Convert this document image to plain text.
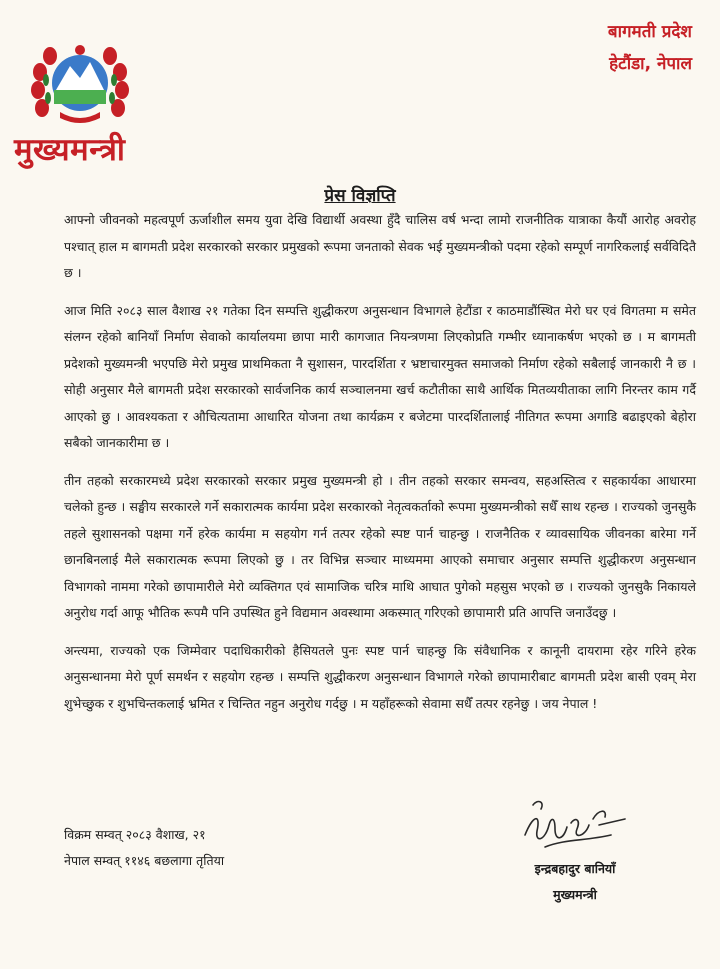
मुख्यमन्त्री
बागमती प्रदेश
हेटौंडा, नेपाल
प्रेस विज्ञप्ति

आफ्नो जीवनको महत्वपूर्ण ऊर्जाशील समय युवा देखि विद्यार्थी अवस्था हुँदै चालिस वर्ष भन्दा लामो राजनीतिक यात्राका कैयौं आरोह अवरोह पश्चात् हाल म बागमती प्रदेश सरकारको सरकार प्रमुखको रूपमा जनताको सेवक भई मुख्यमन्त्रीको पदमा रहेको सम्पूर्ण नागरिकलाई सर्वविदितै छ ।

आज मिति २०८३ साल वैशाख २१ गतेका दिन सम्पत्ति शुद्धीकरण अनुसन्धान विभागले हेटौंडा र काठमाडौंस्थित मेरो घर एवं विगतमा म समेत संलग्न रहेको बानियाँ निर्माण सेवाको कार्यालयमा छापा मारी कागजात नियन्त्रणमा लिएकोप्रति गम्भीर ध्यानाकर्षण भएको छ । म बागमती प्रदेशको मुख्यमन्त्री भएपछि मेरो प्रमुख प्राथमिकता नै सुशासन, पारदर्शिता र भ्रष्टाचारमुक्त समाजको निर्माण रहेको सबैलाई जानकारी नै छ । सोही अनुसार मैले बागमती प्रदेश सरकारको सार्वजनिक कार्य सञ्चालनमा खर्च कटौतीका साथै आर्थिक मितव्ययीताका लागि निरन्तर काम गर्दै आएको छु । आवश्यकता र औचित्यतामा आधारित योजना तथा कार्यक्रम र बजेटमा पारदर्शितालाई नीतिगत रूपमा अगाडि बढाइएको बेहोरा सबैको जानकारीमा छ ।

तीन तहको सरकारमध्ये प्रदेश सरकारको सरकार प्रमुख मुख्यमन्त्री हो । तीन तहको सरकार समन्वय, सहअस्तित्व र सहकार्यका आधारमा चलेको हुन्छ । सङ्घीय सरकारले गर्ने सकारात्मक कार्यमा प्रदेश सरकारको नेतृत्वकर्ताको रूपमा मुख्यमन्त्रीको सधैँ साथ रहन्छ । राज्यको जुनसुकै तहले सुशासनको पक्षमा गर्ने हरेक कार्यमा म सहयोग गर्न तत्पर रहेको स्पष्ट पार्न चाहन्छु । राजनैतिक र व्यावसायिक जीवनका बारेमा गर्ने छानबिनलाई मैले सकारात्मक रूपमा लिएको छु । तर विभिन्न सञ्चार माध्यममा आएको समाचार अनुसार सम्पत्ति शुद्धीकरण अनुसन्धान विभागको नाममा गरेको छापामारीले मेरो व्यक्तिगत एवं सामाजिक चरित्र माथि आघात पुगेको महसुस भएको छ । राज्यको जुनसुकै निकायले अनुरोध गर्दा आफू भौतिक रूपमै पनि उपस्थित हुने विद्यमान अवस्थामा अकस्मात् गरिएको छापामारी प्रति आपत्ति जनाउँदछु ।

अन्त्यमा, राज्यको एक जिम्मेवार पदाधिकारीको हैसियतले पुनः स्पष्ट पार्न चाहन्छु कि संवैधानिक र कानूनी दायरामा रहेर गरिने हरेक अनुसन्धानमा मेरो पूर्ण समर्थन र सहयोग रहन्छ । सम्पत्ति शुद्धीकरण अनुसन्धान विभागले गरेको छापामारीबाट बागमती प्रदेश बासी एवम् मेरा शुभेच्छुक र शुभचिन्तकलाई भ्रमित र चिन्तित नहुन अनुरोध गर्दछु । म यहाँहरूको सेवामा सधैँ तत्पर रहनेछु । जय नेपाल !

विक्रम सम्वत् २०८३ वैशाख, २१
नेपाल सम्वत् ११४६ बछलागा तृतिया
इन्द्रबहादुर बानियाँ
मुख्यमन्त्री
